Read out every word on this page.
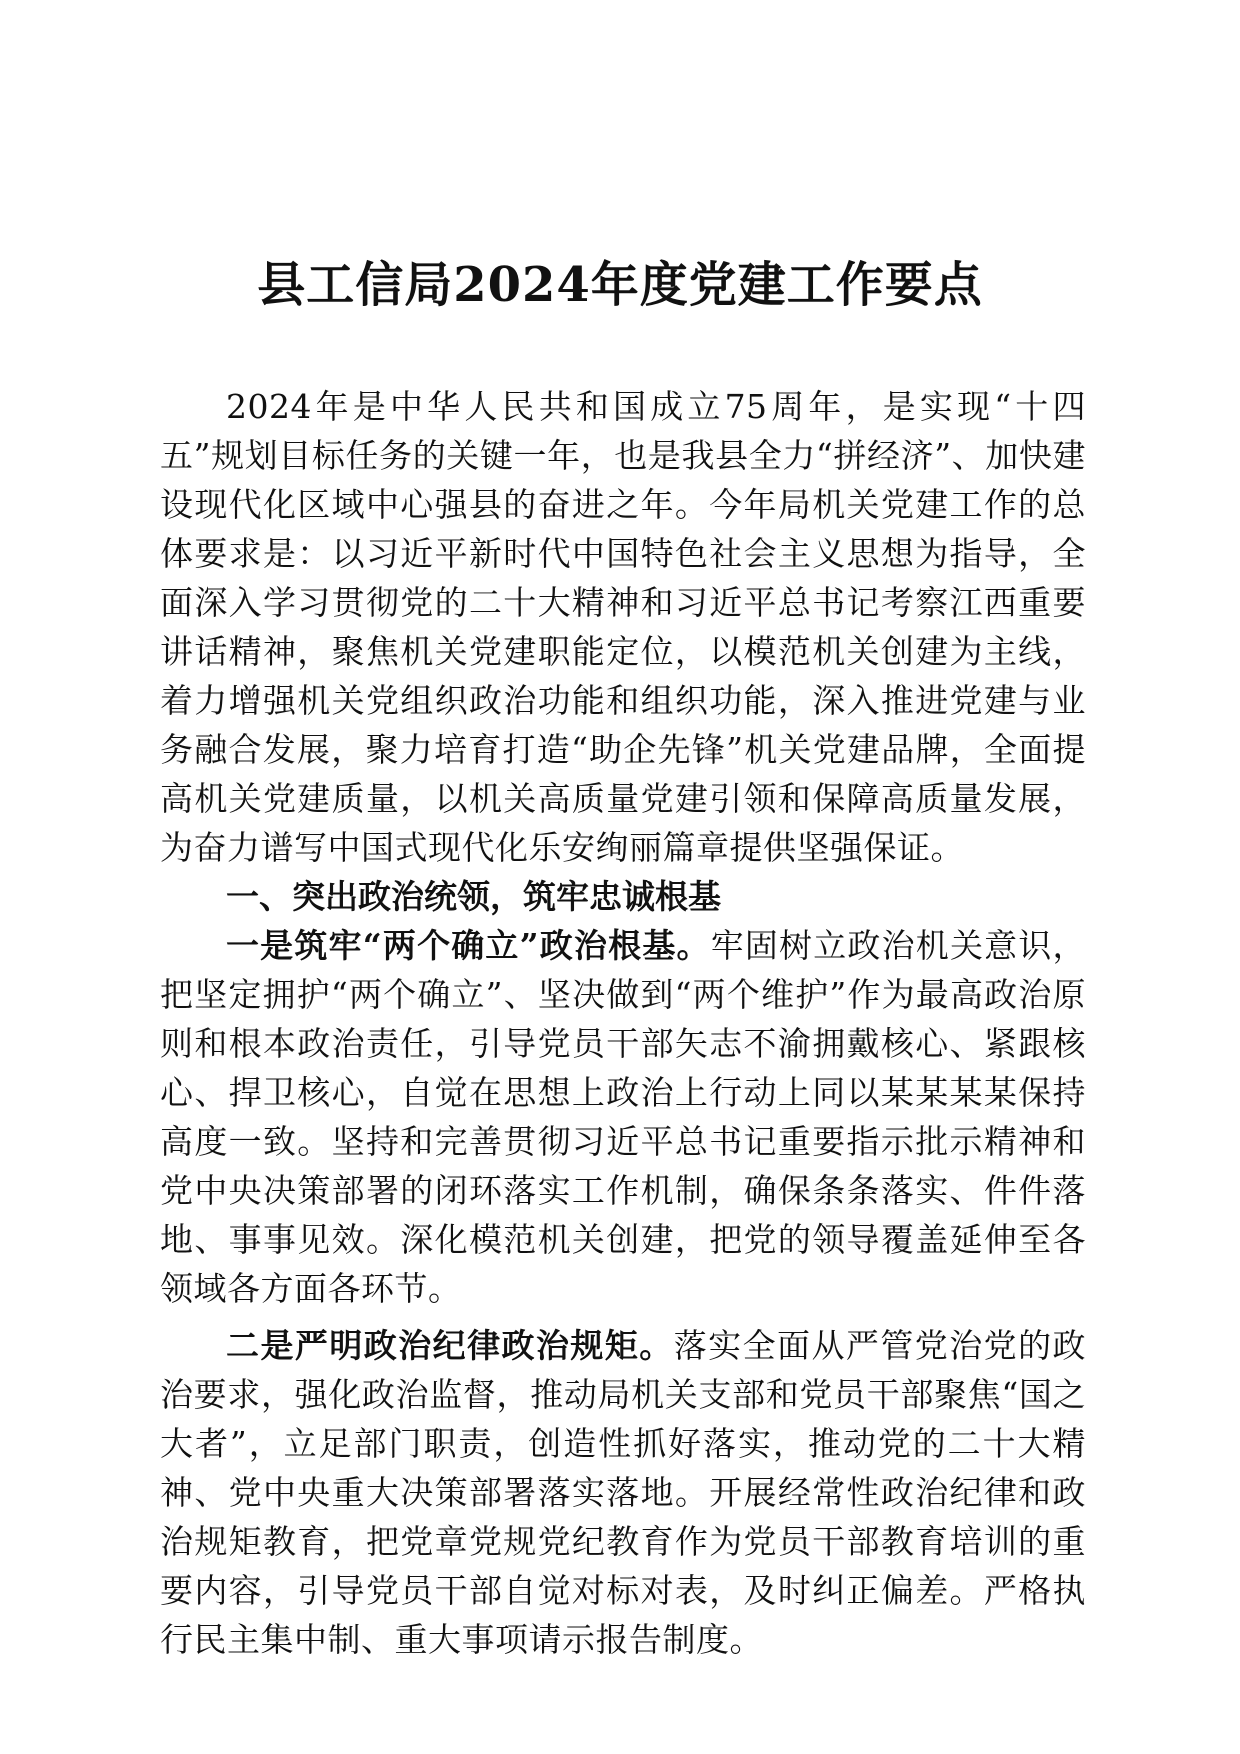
县工信局2024年度党建工作要点

2024年是中华人民共和国成立75周年，是实现“十四五”规划目标任务的关键一年，也是我县全力“拼经济”、加快建设现代化区域中心强县的奋进之年。今年局机关党建工作的总体要求是：以习近平新时代中国特色社会主义思想为指导，全面深入学习贯彻党的二十大精神和习近平总书记考察江西重要讲话精神，聚焦机关党建职能定位，以模范机关创建为主线，着力增强机关党组织政治功能和组织功能，深入推进党建与业务融合发展，聚力培育打造“助企先锋”机关党建品牌，全面提高机关党建质量，以机关高质量党建引领和保障高质量发展，为奋力谱写中国式现代化乐安绚丽篇章提供坚强保证。

一、突出政治统领，筑牢忠诚根基

一是筑牢“两个确立”政治根基。牢固树立政治机关意识，把坚定拥护“两个确立”、坚决做到“两个维护”作为最高政治原则和根本政治责任，引导党员干部矢志不渝拥戴核心、紧跟核心、捍卫核心，自觉在思想上政治上行动上同以某某某某保持高度一致。坚持和完善贯彻习近平总书记重要指示批示精神和党中央决策部署的闭环落实工作机制，确保条条落实、件件落地、事事见效。深化模范机关创建，把党的领导覆盖延伸至各领域各方面各环节。

二是严明政治纪律政治规矩。落实全面从严管党治党的政治要求，强化政治监督，推动局机关支部和党员干部聚焦“国之大者”，立足部门职责，创造性抓好落实，推动党的二十大精神、党中央重大决策部署落实落地。开展经常性政治纪律和政治规矩教育，把党章党规党纪教育作为党员干部教育培训的重要内容，引导党员干部自觉对标对表，及时纠正偏差。严格执行民主集中制、重大事项请示报告制度。
